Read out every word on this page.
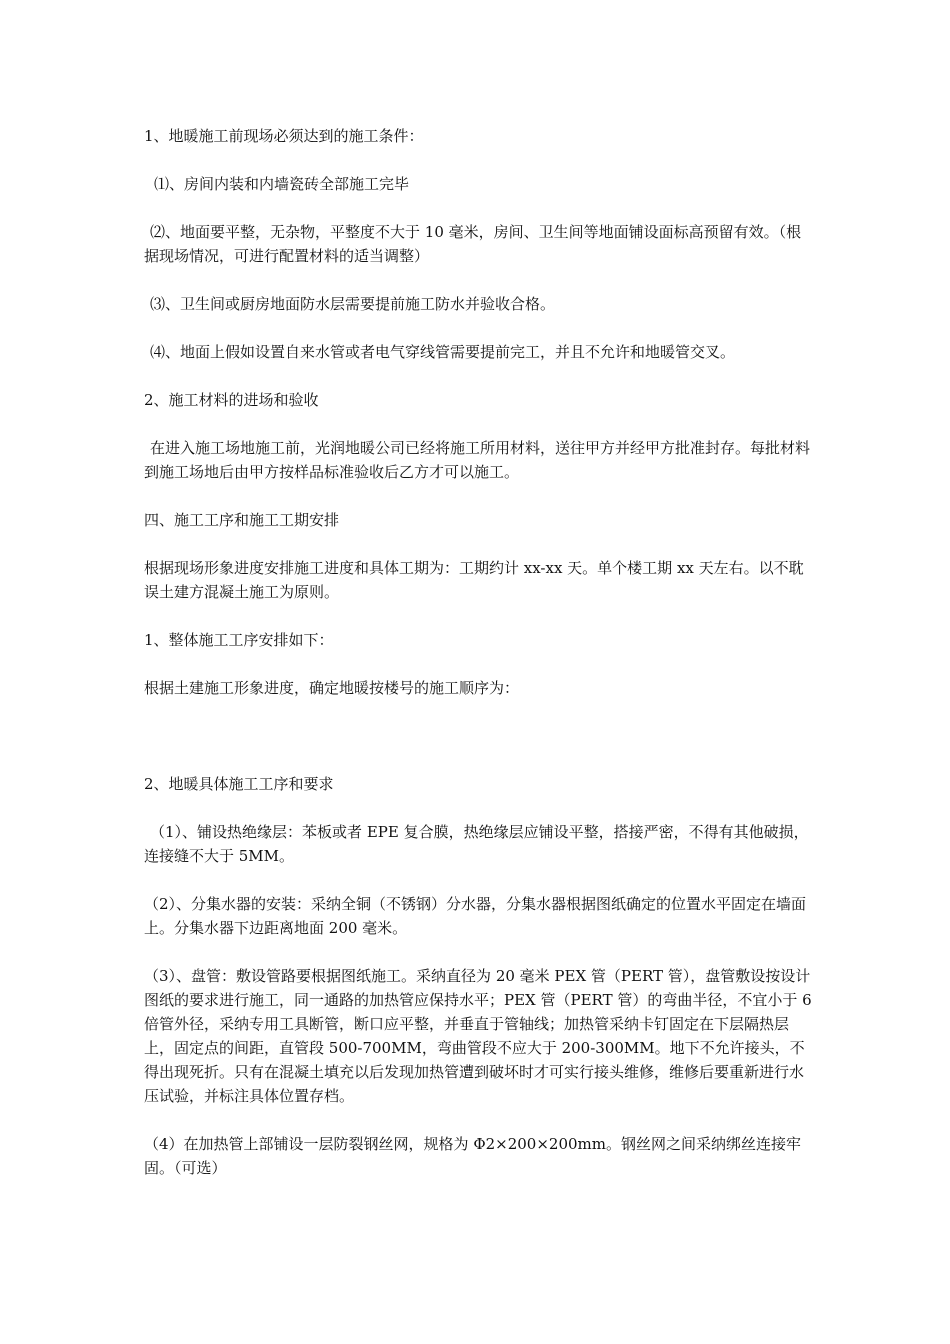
1、地暖施工前现场必须达到的施工条件：

⑴、房间内装和内墙瓷砖全部施工完毕

⑵、地面要平整，无杂物，平整度不大于 10 毫米，房间、卫生间等地面铺设面标高预留有效。（根据现场情况，可进行配置材料的适当调整）

⑶、卫生间或厨房地面防水层需要提前施工防水并验收合格。

⑷、地面上假如设置自来水管或者电气穿线管需要提前完工，并且不允许和地暖管交叉。

2、施工材料的进场和验收

在进入施工场地施工前，光润地暖公司已经将施工所用材料，送往甲方并经甲方批准封存。每批材料到施工场地后由甲方按样品标准验收后乙方才可以施工。

四、施工工序和施工工期安排

根据现场形象进度安排施工进度和具体工期为：工期约计 xx-xx 天。单个楼工期 xx 天左右。以不耽误土建方混凝土施工为原则。

1、整体施工工序安排如下：

根据土建施工形象进度，确定地暖按楼号的施工顺序为：

2、地暖具体施工工序和要求

（1）、铺设热绝缘层：苯板或者 EPE 复合膜，热绝缘层应铺设平整，搭接严密，不得有其他破损，连接缝不大于 5MM。

（2）、分集水器的安装：采纳全铜（不锈钢）分水器，分集水器根据图纸确定的位置水平固定在墙面上。分集水器下边距离地面 200 毫米。

（3）、盘管：敷设管路要根据图纸施工。采纳直径为 20 毫米 PEX 管（PERT 管），盘管敷设按设计图纸的要求进行施工，同一通路的加热管应保持水平；PEX 管（PERT 管）的弯曲半径，不宜小于 6 倍管外径，采纳专用工具断管，断口应平整，并垂直于管轴线；加热管采纳卡钉固定在下层隔热层上，固定点的间距，直管段 500-700MM，弯曲管段不应大于 200-300MM。地下不允许接头，不得出现死折。只有在混凝土填充以后发现加热管遭到破坏时才可实行接头维修，维修后要重新进行水压试验，并标注具体位置存档。

（4）在加热管上部铺设一层防裂钢丝网，规格为 Φ2×200×200mm。钢丝网之间采纳绑丝连接牢固。（可选）
